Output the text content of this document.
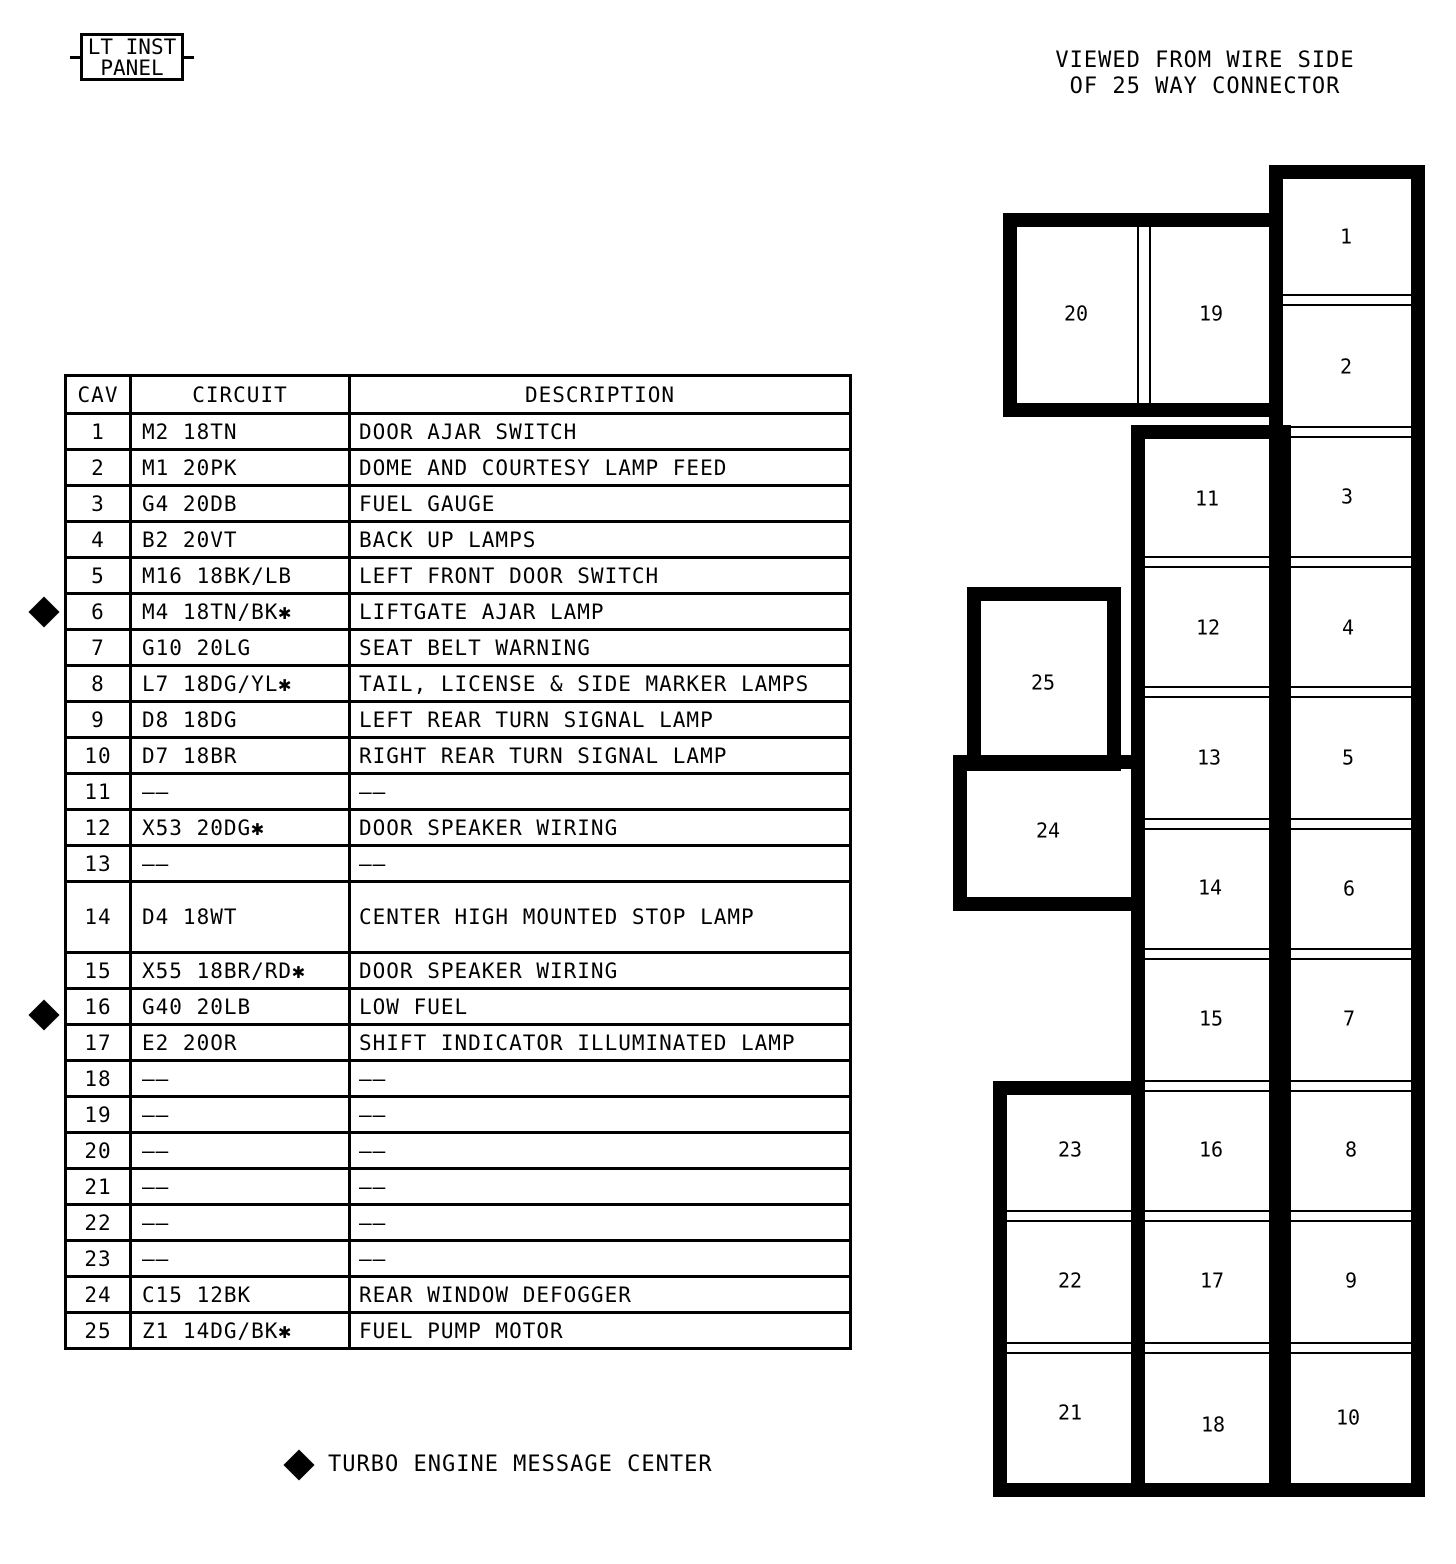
LT INST
PANEL	VIEWED FROM WIRE SIDE
OF 25 WAY CONNECTOR
CAV	CIRCUIT	DESCRIPTION
1	M2 18TN	DOOR AJAR SWITCH
2	M1 20PK	DOME AND COURTESY LAMP FEED
3	G4 20DB	FUEL GAUGE
4	B2 20VT	BACK UP LAMPS
5	M16 18BK/LB	LEFT FRONT DOOR SWITCH
6	M4 18TN/BK✱	LIFTGATE AJAR LAMP
7	G10 20LG	SEAT BELT WARNING
8	L7 18DG/YL✱	TAIL, LICENSE & SIDE MARKER LAMPS
9	D8 18DG	LEFT REAR TURN SIGNAL LAMP
10	D7 18BR	RIGHT REAR TURN SIGNAL LAMP
11	——	——
12	X53 20DG✱	DOOR SPEAKER WIRING
13	——	——
14	D4 18WT	CENTER HIGH MOUNTED STOP LAMP
15	X55 18BR/RD✱	DOOR SPEAKER WIRING
16	G40 20LB	LOW FUEL
17	E2 20OR	SHIFT INDICATOR ILLUMINATED LAMP
18	——	——
19	——	——
20	——	——
21	——	——
22	——	——
23	——	——
24	C15 12BK	REAR WINDOW DEFOGGER
25	Z1 14DG/BK✱	FUEL PUMP MOTOR
TURBO ENGINE MESSAGE CENTER
1
2
3
4
5
6
7
8
9
10
11
12
13
14
15
16
17
18
19
20
21
22
23
24
25
